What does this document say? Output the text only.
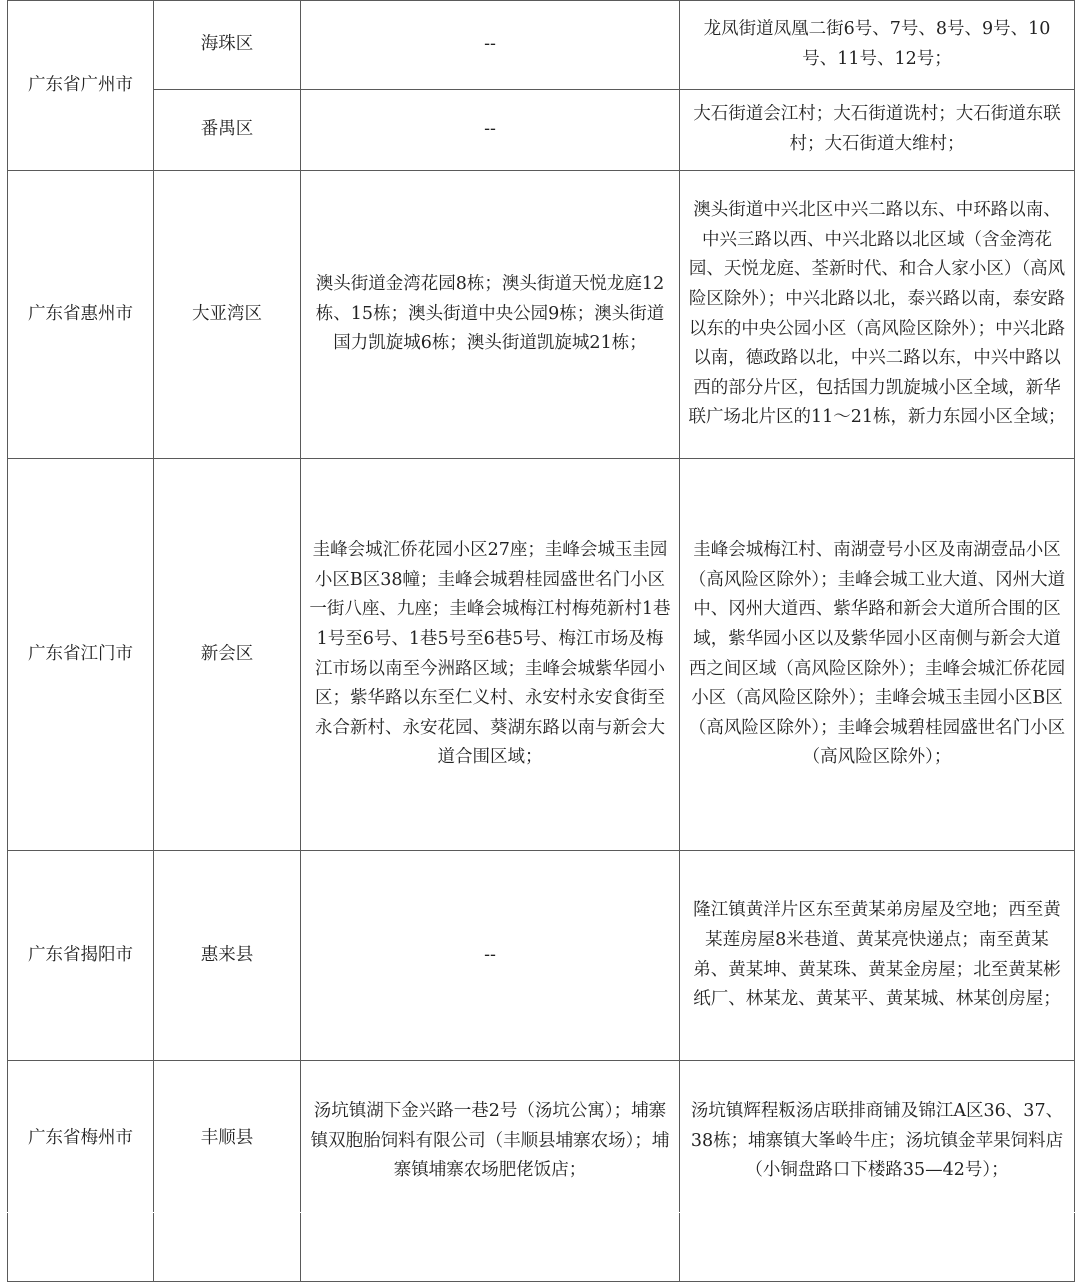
广东省广州市	海珠区	--	龙凤街道凤凰二街6号、7号、8号、9号、10号、11号、12号；
	番禺区	--	大石街道会江村；大石街道诜村；大石街道东联村；大石街道大维村；
广东省惠州市	大亚湾区	澳头街道金湾花园8栋；澳头街道天悦龙庭12栋、15栋；澳头街道中央公园9栋；澳头街道国力凯旋城6栋；澳头街道凯旋城21栋；	澳头街道中兴北区中兴二路以东、中环路以南、中兴三路以西、中兴北路以北区域（含金湾花园、天悦龙庭、荃新时代、和合人家小区）（高风险区除外）；中兴北路以北，泰兴路以南，泰安路以东的中央公园小区（高风险区除外）；中兴北路以南，德政路以北，中兴二路以东，中兴中路以西的部分片区，包括国力凯旋城小区全域，新华联广场北片区的11～21栋，新力东园小区全域；
广东省江门市	新会区	圭峰会城汇侨花园小区27座；圭峰会城玉圭园小区B区38幢；圭峰会城碧桂园盛世名门小区一街八座、九座；圭峰会城梅江村梅苑新村1巷1号至6号、1巷5号至6巷5号、梅江市场及梅江市场以南至今洲路区域；圭峰会城紫华园小区；紫华路以东至仁义村、永安村永安食街至永合新村、永安花园、葵湖东路以南与新会大道合围区域；	圭峰会城梅江村、南湖壹号小区及南湖壹品小区（高风险区除外）；圭峰会城工业大道、冈州大道中、冈州大道西、紫华路和新会大道所合围的区域，紫华园小区以及紫华园小区南侧与新会大道西之间区域（高风险区除外）；圭峰会城汇侨花园小区（高风险区除外）；圭峰会城玉圭园小区B区（高风险区除外）；圭峰会城碧桂园盛世名门小区（高风险区除外）；
广东省揭阳市	惠来县	--	隆江镇黄洋片区东至黄某弟房屋及空地；西至黄某莲房屋8米巷道、黄某亮快递点；南至黄某弟、黄某坤、黄某珠、黄某金房屋；北至黄某彬纸厂、林某龙、黄某平、黄某城、林某创房屋；
广东省梅州市	丰顺县	汤坑镇湖下金兴路一巷2号（汤坑公寓）；埔寨镇双胞胎饲料有限公司（丰顺县埔寨农场）；埔寨镇埔寨农场肥佬饭店；	汤坑镇辉程粄汤店联排商铺及锦江A区36、37、38栋；埔寨镇大峯岭牛庄；汤坑镇金苹果饲料店（小铜盘路口下楼路35—42号）；
